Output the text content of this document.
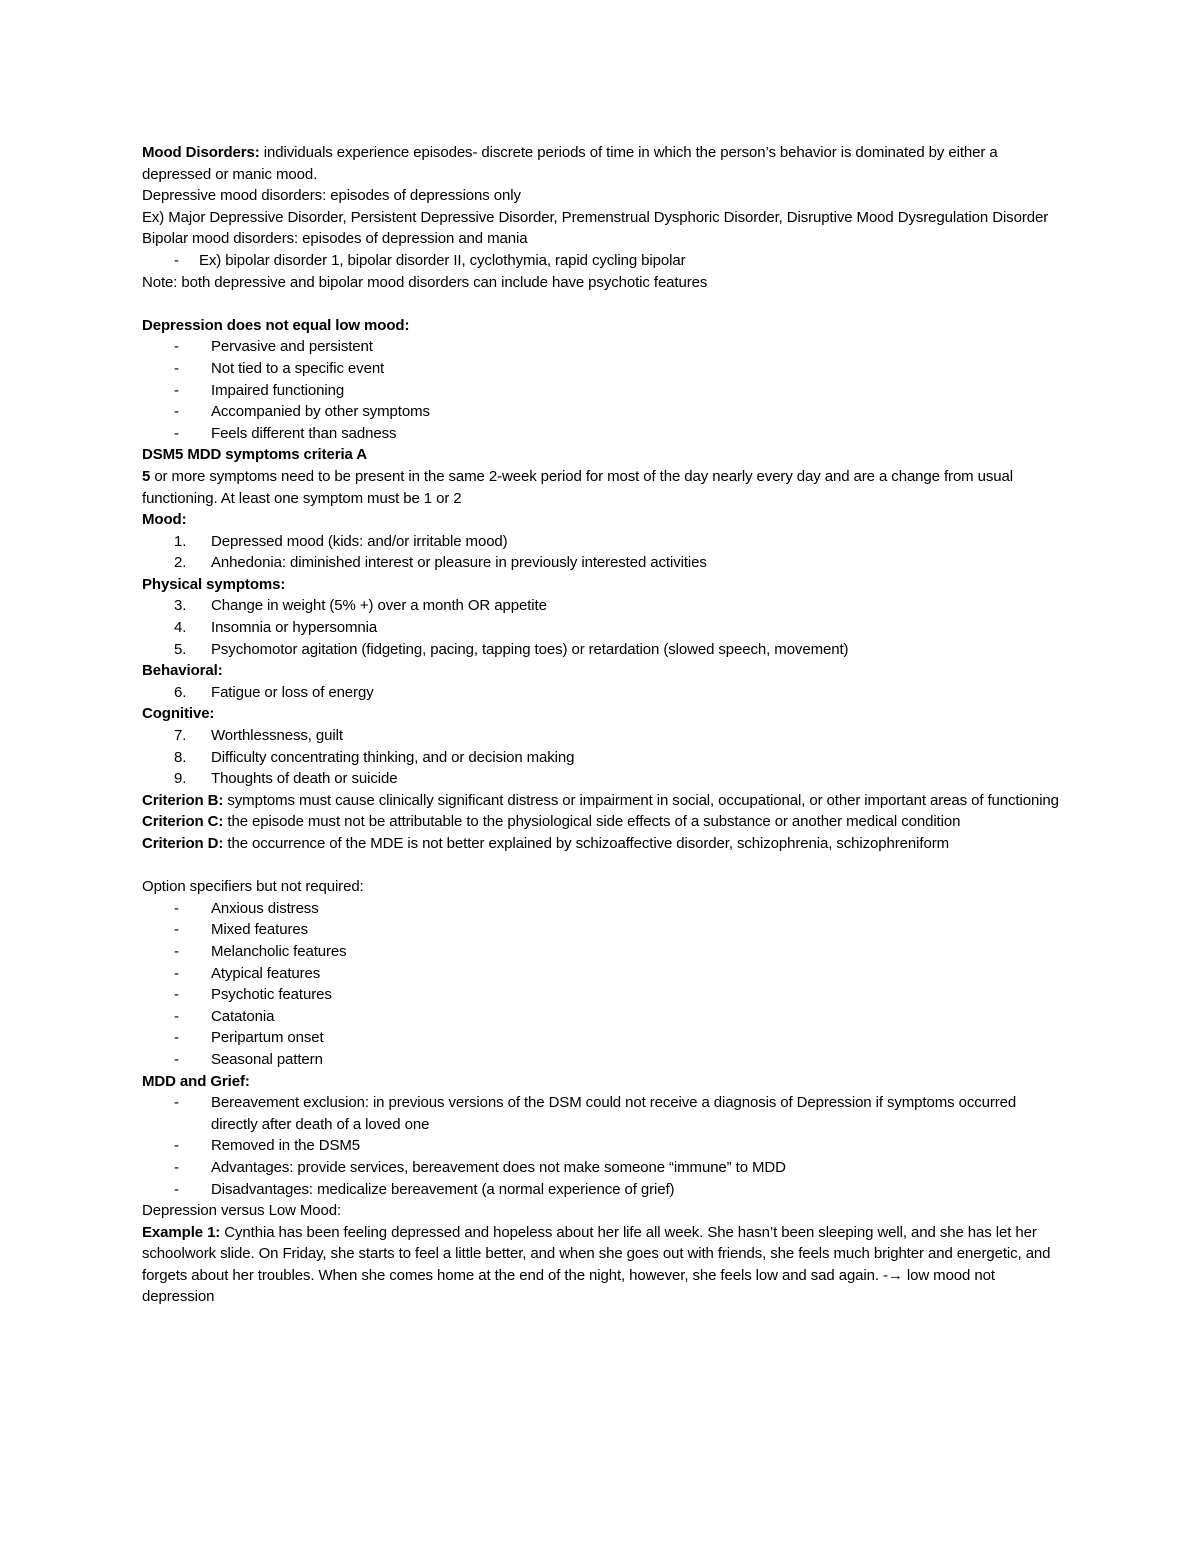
Mood Disorders: individuals experience episodes- discrete periods of time in which the person’s behavior is dominated by either a depressed or manic mood.

Depressive mood disorders: episodes of depressions only

Ex) Major Depressive Disorder, Persistent Depressive Disorder, Premenstrual Dysphoric Disorder, Disruptive Mood Dysregulation Disorder

Bipolar mood disorders: episodes of depression and mania

- Ex) bipolar disorder 1, bipolar disorder II, cyclothymia, rapid cycling bipolar

Note: both depressive and bipolar mood disorders can include have psychotic features

Depression does not equal low mood:

- Pervasive and persistent
- Not tied to a specific event
- Impaired functioning
- Accompanied by other symptoms
- Feels different than sadness

DSM5 MDD symptoms criteria A

5 or more symptoms need to be present in the same 2-week period for most of the day nearly every day and are a change from usual functioning. At least one symptom must be 1 or 2

Mood:

1. Depressed mood (kids: and/or irritable mood)
2. Anhedonia: diminished interest or pleasure in previously interested activities

Physical symptoms:

3. Change in weight (5% +) over a month OR appetite
4. Insomnia or hypersomnia
5. Psychomotor agitation (fidgeting, pacing, tapping toes) or retardation (slowed speech, movement)

Behavioral:

6. Fatigue or loss of energy

Cognitive:

7. Worthlessness, guilt
8. Difficulty concentrating thinking, and or decision making
9. Thoughts of death or suicide

Criterion B: symptoms must cause clinically significant distress or impairment in social, occupational, or other important areas of functioning

Criterion C: the episode must not be attributable to the physiological side effects of a substance or another medical condition

Criterion D: the occurrence of the MDE is not better explained by schizoaffective disorder, schizophrenia, schizophreniform

Option specifiers but not required:

- Anxious distress
- Mixed features
- Melancholic features
- Atypical features
- Psychotic features
- Catatonia
- Peripartum onset
- Seasonal pattern

MDD and Grief:

- Bereavement exclusion: in previous versions of the DSM could not receive a diagnosis of Depression if symptoms occurred directly after death of a loved one
- Removed in the DSM5
- Advantages: provide services, bereavement does not make someone “immune” to MDD
- Disadvantages: medicalize bereavement (a normal experience of grief)

Depression versus Low Mood:

Example 1: Cynthia has been feeling depressed and hopeless about her life all week. She hasn’t been sleeping well, and she has let her schoolwork slide. On Friday, she starts to feel a little better, and when she goes out with friends, she feels much brighter and energetic, and forgets about her troubles. When she comes home at the end of the night, however, she feels low and sad again. -→ low mood not depression
